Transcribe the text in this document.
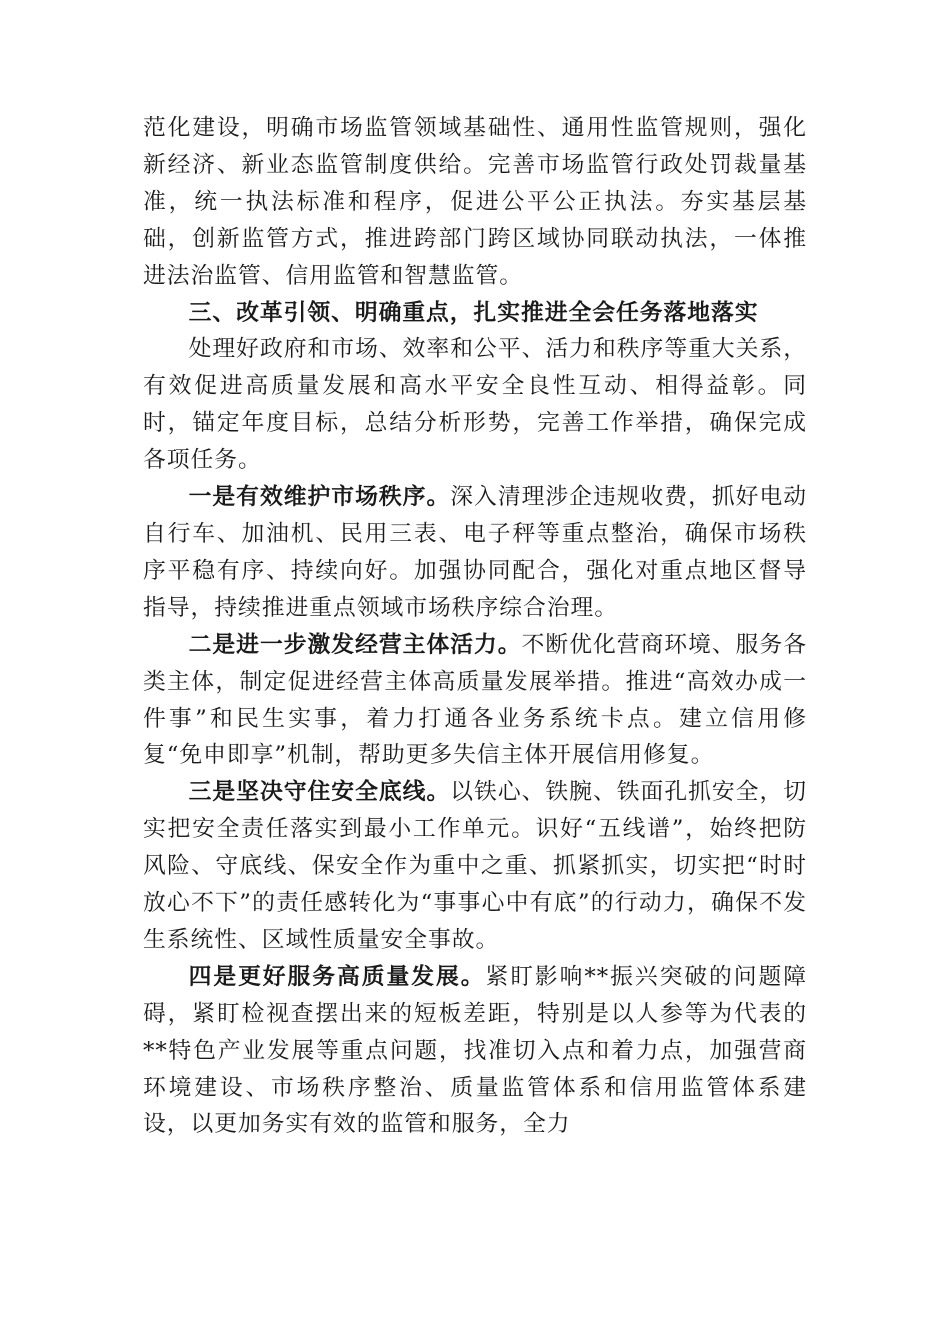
范化建设，明确市场监管领域基础性、通用性监管规则，强化新经济、新业态监管制度供给。完善市场监管行政处罚裁量基准，统一执法标准和程序，促进公平公正执法。夯实基层基础，创新监管方式，推进跨部门跨区域协同联动执法，一体推进法治监管、信用监管和智慧监管。

三、改革引领、明确重点，扎实推进全会任务落地落实

处理好政府和市场、效率和公平、活力和秩序等重大关系，有效促进高质量发展和高水平安全良性互动、相得益彰。同时，锚定年度目标，总结分析形势，完善工作举措，确保完成各项任务。

一是有效维护市场秩序。深入清理涉企违规收费，抓好电动自行车、加油机、民用三表、电子秤等重点整治，确保市场秩序平稳有序、持续向好。加强协同配合，强化对重点地区督导指导，持续推进重点领域市场秩序综合治理。

二是进一步激发经营主体活力。不断优化营商环境、服务各类主体，制定促进经营主体高质量发展举措。推进“高效办成一件事”和民生实事，着力打通各业务系统卡点。建立信用修复“免申即享”机制，帮助更多失信主体开展信用修复。

三是坚决守住安全底线。以铁心、铁腕、铁面孔抓安全，切实把安全责任落实到最小工作单元。识好“五线谱”，始终把防风险、守底线、保安全作为重中之重、抓紧抓实，切实把“时时放心不下”的责任感转化为“事事心中有底”的行动力，确保不发生系统性、区域性质量安全事故。

四是更好服务高质量发展。紧盯影响**振兴突破的问题障碍，紧盯检视查摆出来的短板差距，特别是以人参等为代表的**特色产业发展等重点问题，找准切入点和着力点，加强营商环境建设、市场秩序整治、质量监管体系和信用监管体系建设，以更加务实有效的监管和服务，全力
